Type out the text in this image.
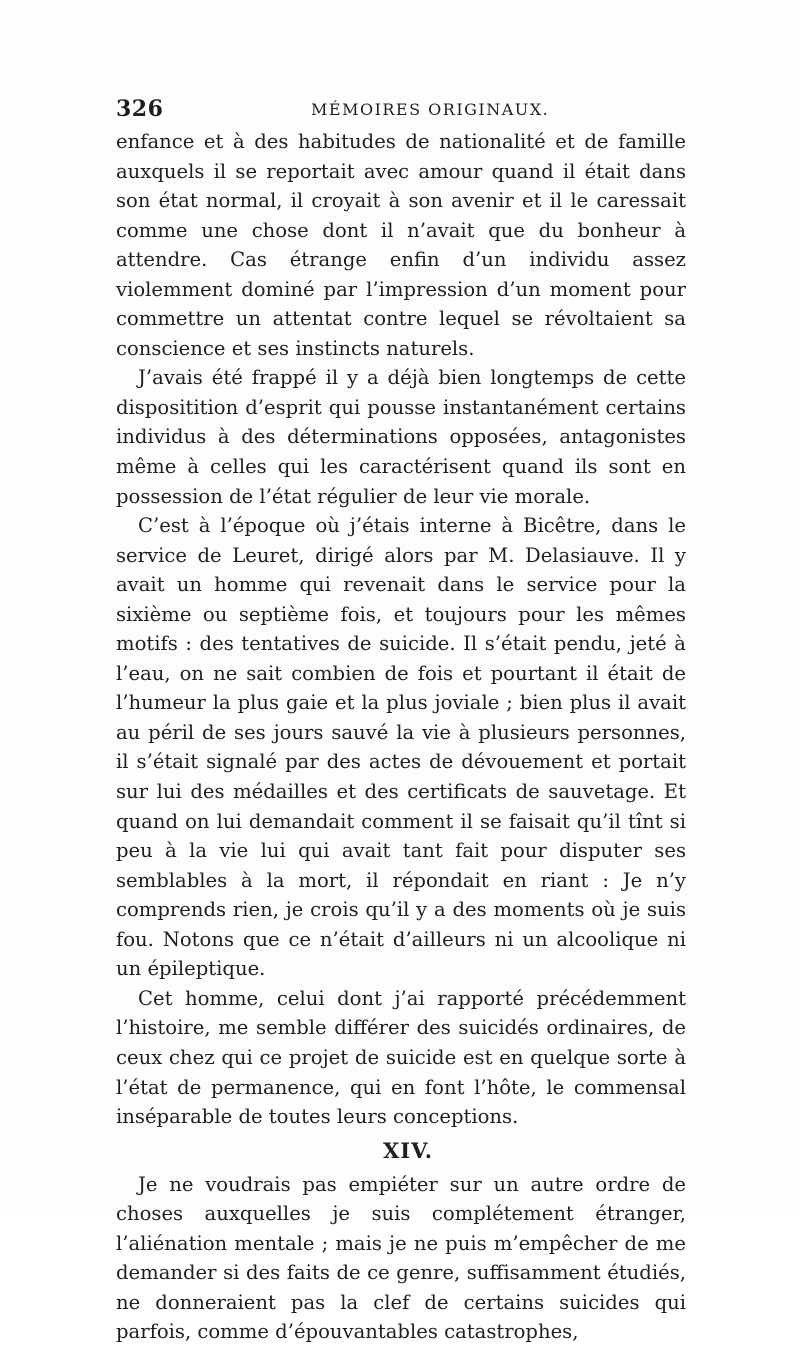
326	MÉMOIRES ORIGINAUX.

enfance et à des habitudes de nationalité et de famille auxquels il se reportait avec amour quand il était dans son état normal, il croyait à son avenir et il le caressait comme une chose dont il n’avait que du bonheur à attendre. Cas étrange enfin d’un individu assez violemment dominé par l’impression d’un moment pour commettre un attentat contre lequel se révoltaient sa conscience et ses instincts naturels.

J’avais été frappé il y a déjà bien longtemps de cette dispositition d’esprit qui pousse instantanément certains individus à des déterminations opposées, antagonistes même à celles qui les caractérisent quand ils sont en possession de l’état régulier de leur vie morale.

C’est à l’époque où j’étais interne à Bicêtre, dans le service de Leuret, dirigé alors par M. Delasiauve. Il y avait un homme qui revenait dans le service pour la sixième ou septième fois, et toujours pour les mêmes motifs : des tentatives de suicide. Il s’était pendu, jeté à l’eau, on ne sait combien de fois et pourtant il était de l’humeur la plus gaie et la plus joviale ; bien plus il avait au péril de ses jours sauvé la vie à plusieurs personnes, il s’était signalé par des actes de dévouement et portait sur lui des médailles et des certificats de sauvetage. Et quand on lui demandait comment il se faisait qu’il tînt si peu à la vie lui qui avait tant fait pour disputer ses semblables à la mort, il répondait en riant : Je n’y comprends rien, je crois qu’il y a des moments où je suis fou. Notons que ce n’était d’ailleurs ni un alcoolique ni un épileptique.

Cet homme, celui dont j’ai rapporté précédemment l’histoire, me semble différer des suicidés ordinaires, de ceux chez qui ce projet de suicide est en quelque sorte à l’état de permanence, qui en font l’hôte, le commensal inséparable de toutes leurs conceptions.

XIV.

Je ne voudrais pas empiéter sur un autre ordre de choses auxquelles je suis complétement étranger, l’aliénation mentale ; mais je ne puis m’empêcher de me demander si des faits de ce genre, suffisamment étudiés, ne donneraient pas la clef de certains suicides qui parfois, comme d’épouvantables catastrophes,
